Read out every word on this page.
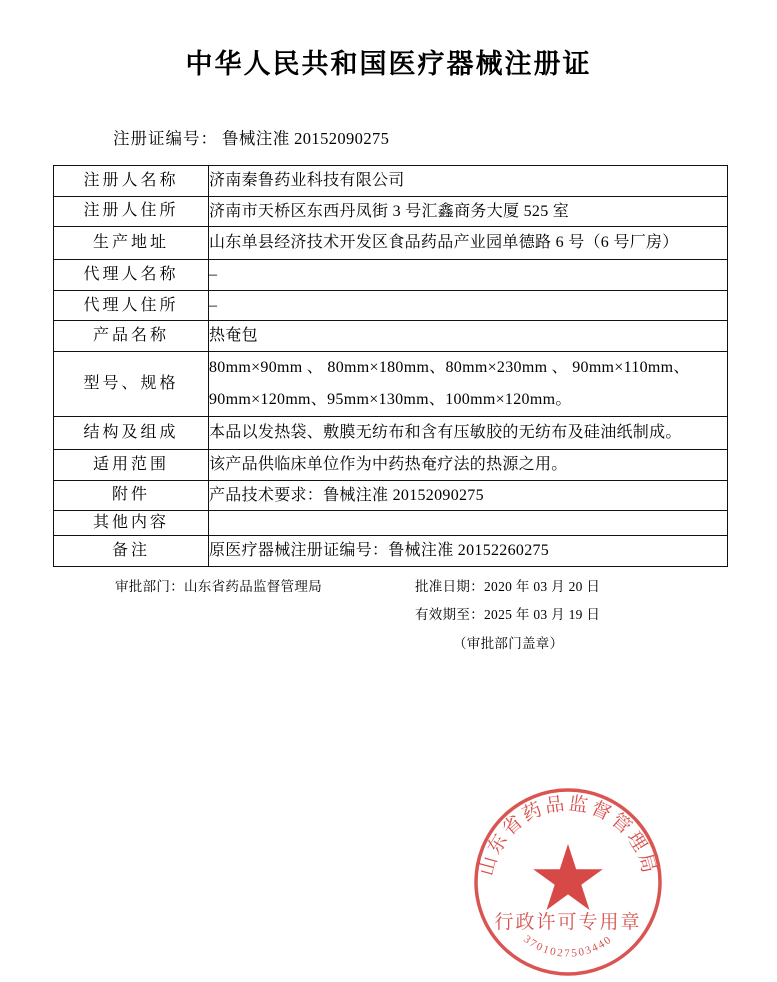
中华人民共和国医疗器械注册证
注册证编号： 鲁械注准 20152090275
注册人名称	济南秦鲁药业科技有限公司
注册人住所	济南市天桥区东西丹凤街 3 号汇鑫商务大厦 525 室
生产地址	山东单县经济技术开发区食品药品产业园单德路 6 号（6 号厂房）
代理人名称	–
代理人住所	–
产品名称	热奄包
型号、规格	80mm×90mm 、 80mm×180mm、80mm×230mm 、 90mm×110mm、90mm×120mm、95mm×130mm、100mm×120mm。
结构及组成	本品以发热袋、敷膜无纺布和含有压敏胶的无纺布及硅油纸制成。
适用范围	该产品供临床单位作为中药热奄疗法的热源之用。
附件	产品技术要求：鲁械注准 20152090275
其他内容	
备注	原医疗器械注册证编号：鲁械注准 20152260275
审批部门：山东省药品监督管理局	批准日期：2020 年 03 月 20 日
有效期至：2025 年 03 月 19 日
（审批部门盖章）
山东省药品监督管理局
3701027503440
行政许可专用章
